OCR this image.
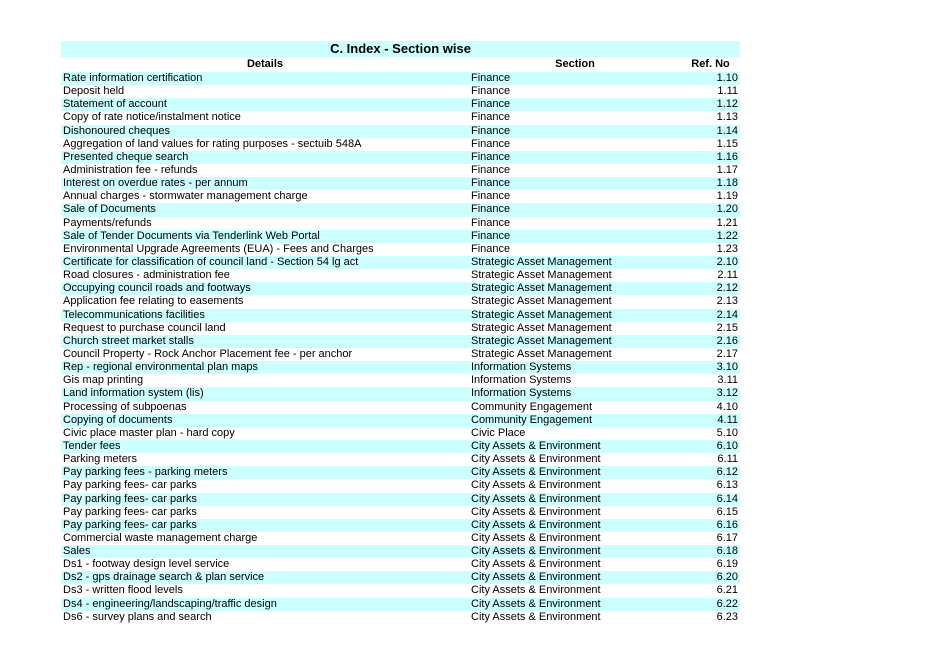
C. Index - Section wise
Details	Section	Ref. No
Rate information certification	Finance	1.10
Deposit held	Finance	1.11
Statement of account	Finance	1.12
Copy of rate notice/instalment notice	Finance	1.13
Dishonoured cheques	Finance	1.14
Aggregation of land values for rating purposes - sectuib 548A	Finance	1.15
Presented cheque search	Finance	1.16
Administration fee - refunds	Finance	1.17
Interest on overdue rates - per annum	Finance	1.18
Annual charges - stormwater management charge	Finance	1.19
Sale of Documents	Finance	1.20
Payments/refunds	Finance	1.21
Sale of Tender Documents via Tenderlink Web Portal	Finance	1.22
Environmental Upgrade Agreements (EUA) - Fees and Charges	Finance	1.23
Certificate for classification of council land - Section 54 lg act	Strategic Asset Management	2.10
Road closures - administration fee	Strategic Asset Management	2.11
Occupying council roads and footways	Strategic Asset Management	2.12
Application fee relating to easements	Strategic Asset Management	2.13
Telecommunications facilities	Strategic Asset Management	2.14
Request to purchase council land	Strategic Asset Management	2.15
Church street market stalls	Strategic Asset Management	2.16
Council Property - Rock Anchor Placement fee - per anchor	Strategic Asset Management	2.17
Rep - regional environmental plan maps	Information Systems	3.10
Gis map printing	Information Systems	3.11
Land information system (lis)	Information Systems	3.12
Processing of subpoenas	Community Engagement	4.10
Copying of documents	Community Engagement	4.11
Civic place master plan - hard copy	Civic Place	5.10
Tender fees	City Assets & Environment	6.10
Parking meters	City Assets & Environment	6.11
Pay parking fees - parking meters	City Assets & Environment	6.12
Pay parking fees- car parks	City Assets & Environment	6.13
Pay parking fees- car parks	City Assets & Environment	6.14
Pay parking fees- car parks	City Assets & Environment	6.15
Pay parking fees- car parks	City Assets & Environment	6.16
Commercial waste management charge	City Assets & Environment	6.17
Sales	City Assets & Environment	6.18
Ds1 - footway design level service	City Assets & Environment	6.19
Ds2 - gps drainage search & plan service	City Assets & Environment	6.20
Ds3 - written flood levels	City Assets & Environment	6.21
Ds4 - engineering/landscaping/traffic design	City Assets & Environment	6.22
Ds6 - survey plans and search	City Assets & Environment	6.23
